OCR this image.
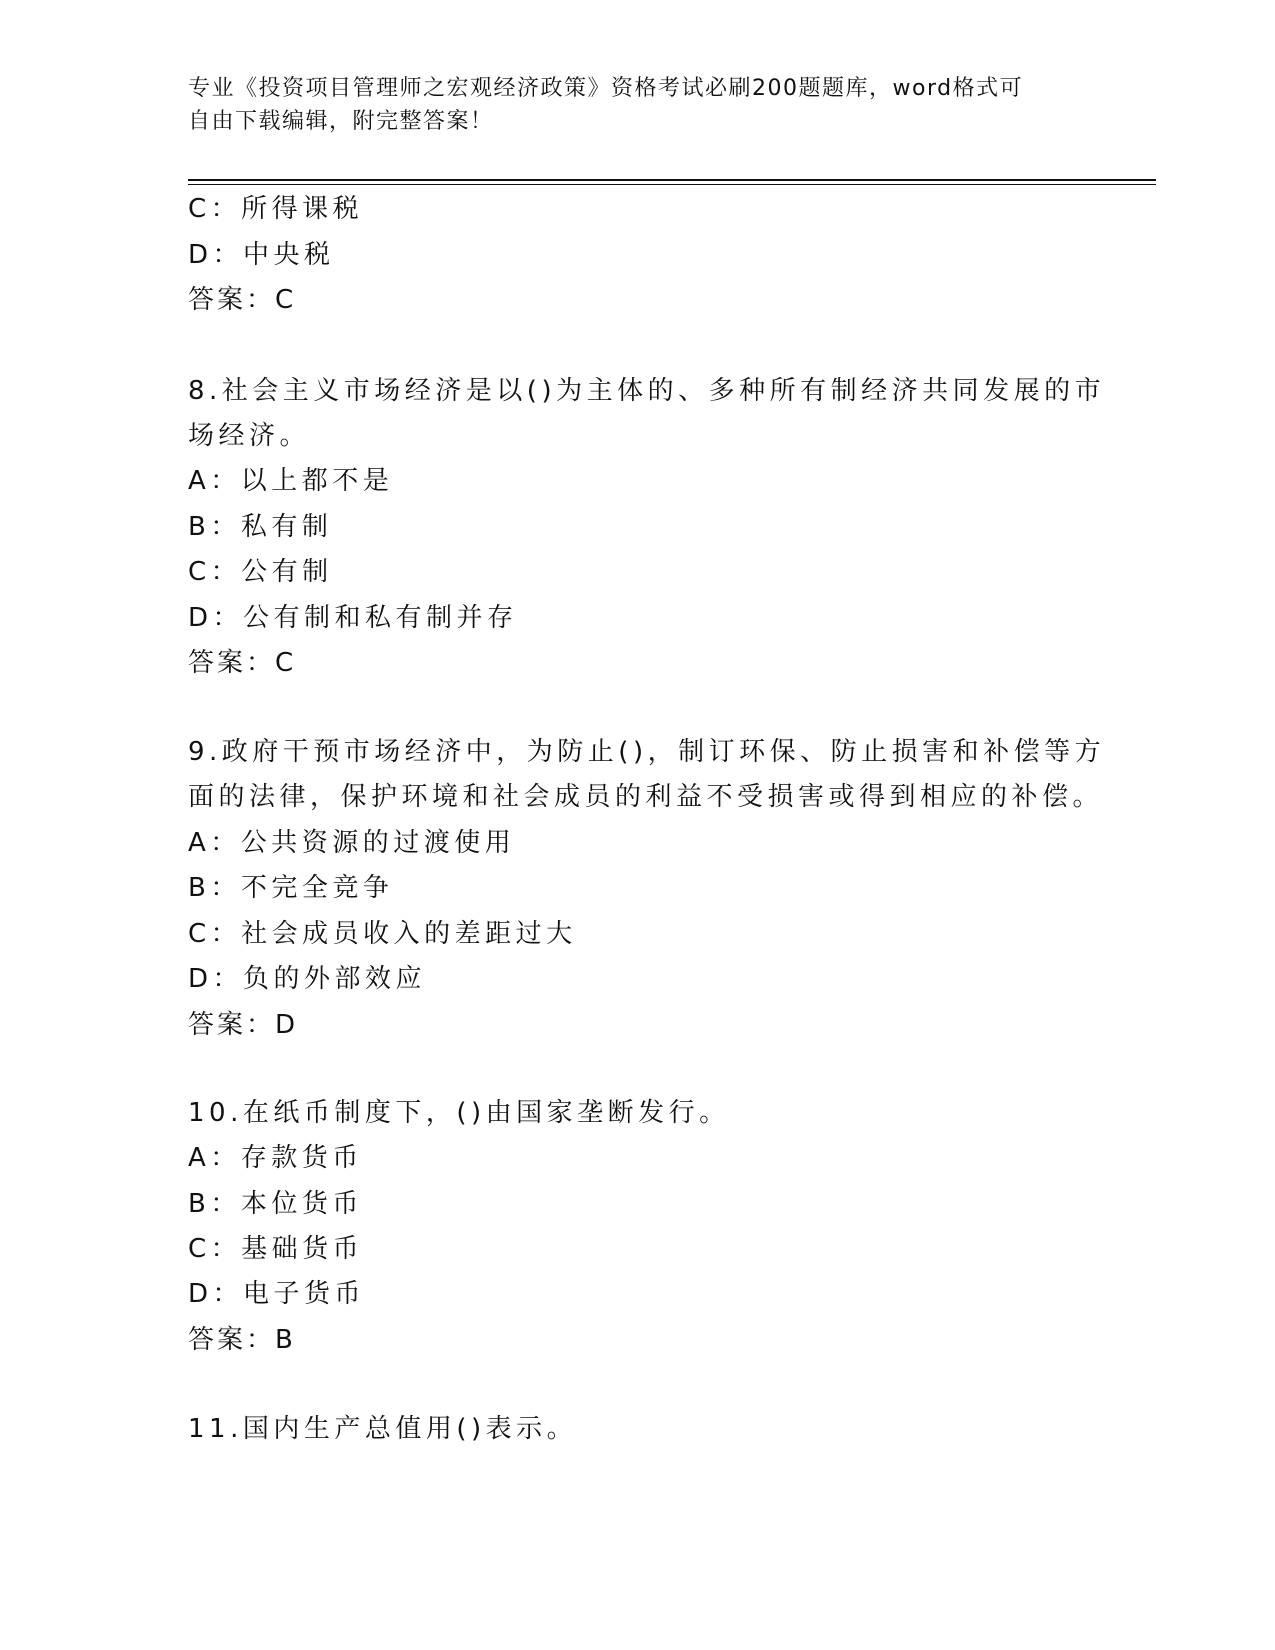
专业《投资项目管理师之宏观经济政策》资格考试必刷200题题库，word格式可
自由下载编辑，附完整答案！
C：所得课税
D：中央税
答案：C
8.社会主义市场经济是以()为主体的、多种所有制经济共同发展的市
场经济。
A：以上都不是
B：私有制
C：公有制
D：公有制和私有制并存
答案：C
9.政府干预市场经济中，为防止()，制订环保、防止损害和补偿等方
面的法律，保护环境和社会成员的利益不受损害或得到相应的补偿。
A：公共资源的过渡使用
B：不完全竞争
C：社会成员收入的差距过大
D：负的外部效应
答案：D
10.在纸币制度下，()由国家垄断发行。
A：存款货币
B：本位货币
C：基础货币
D：电子货币
答案：B
11.国内生产总值用()表示。
